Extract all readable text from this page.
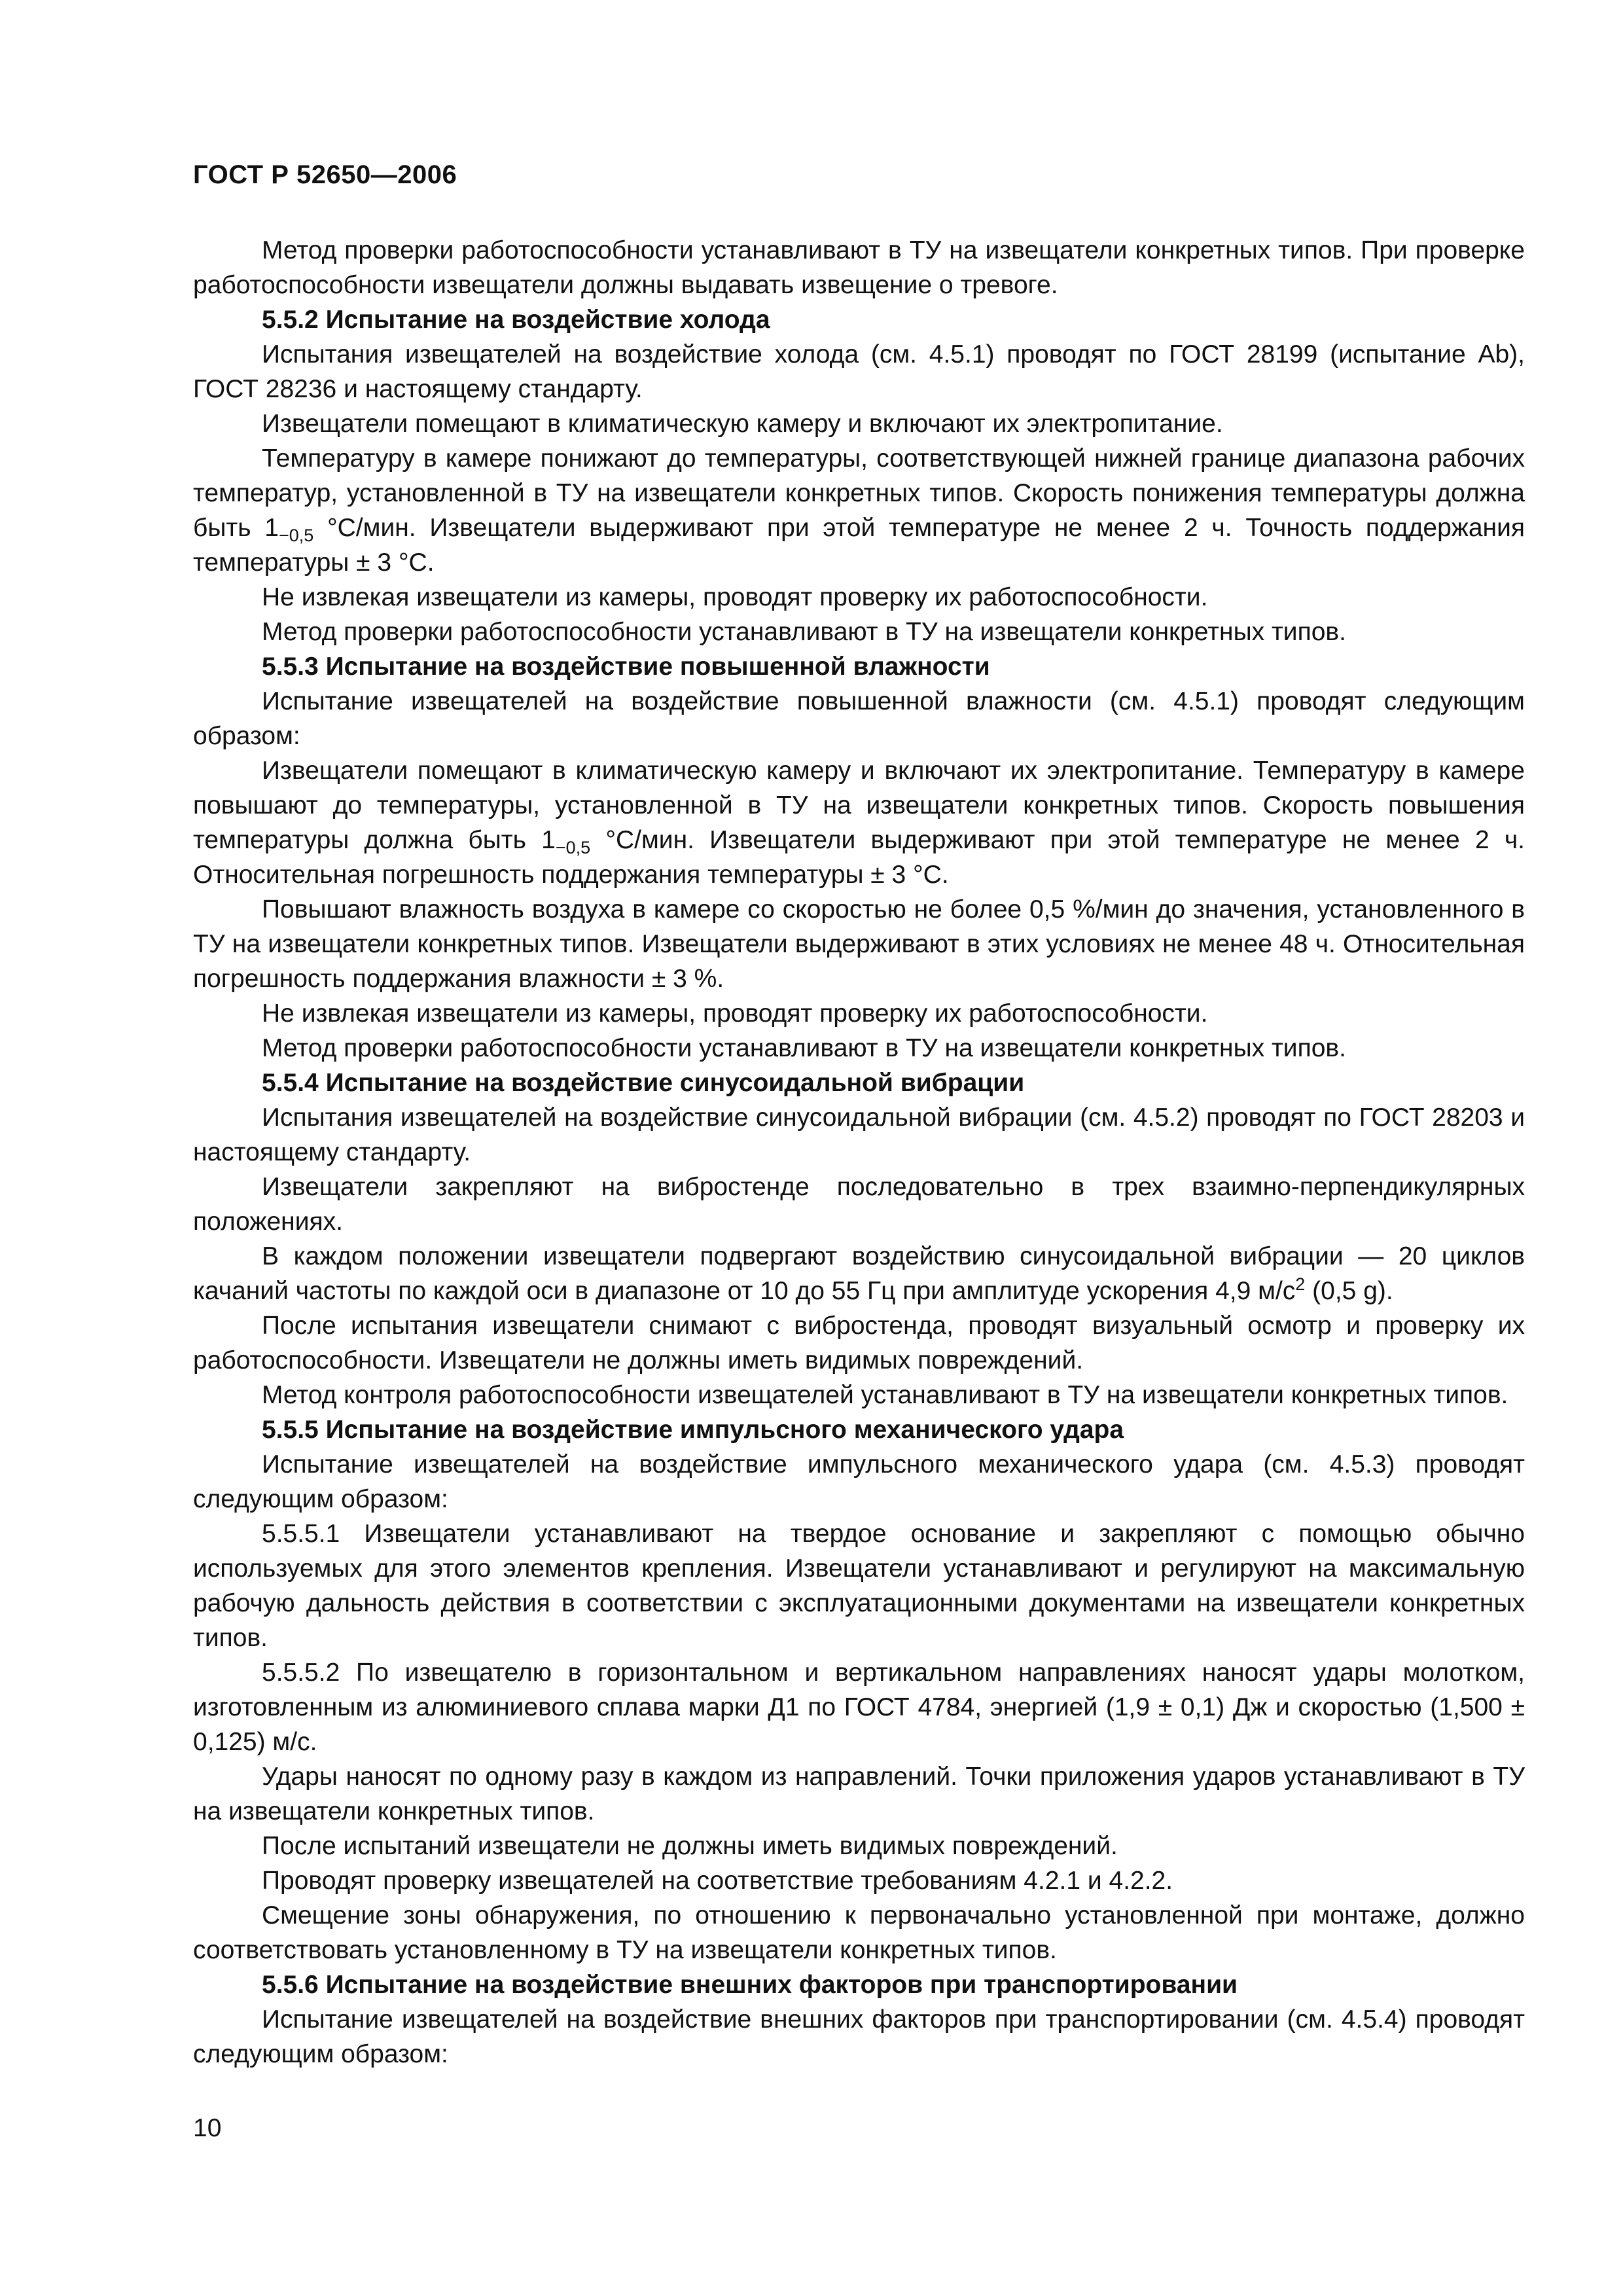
ГОСТ Р 52650—2006

Метод проверки работоспособности устанавливают в ТУ на извещатели конкретных типов. При проверке работоспособности извещатели должны выдавать извещение о тревоге.

5.5.2 Испытание на воздействие холода

Испытания извещателей на воздействие холода (см. 4.5.1) проводят по ГОСТ 28199 (испытание Ab), ГОСТ 28236 и настоящему стандарту.

Извещатели помещают в климатическую камеру и включают их электропитание.

Температуру в камере понижают до температуры, соответствующей нижней границе диапазона рабочих температур, установленной в ТУ на извещатели конкретных типов. Скорость понижения температуры должна быть $1_{-0,5}$ °С/мин. Извещатели выдерживают при этой температуре не менее 2 ч. Точность поддержания температуры ± 3 °С.

Не извлекая извещатели из камеры, проводят проверку их работоспособности.

Метод проверки работоспособности устанавливают в ТУ на извещатели конкретных типов.

5.5.3 Испытание на воздействие повышенной влажности

Испытание извещателей на воздействие повышенной влажности (см. 4.5.1) проводят следующим образом:

Извещатели помещают в климатическую камеру и включают их электропитание. Температуру в камере повышают до температуры, установленной в ТУ на извещатели конкретных типов. Скорость повышения температуры должна быть $1_{-0,5}$ °С/мин. Извещатели выдерживают при этой температуре не менее 2 ч. Относительная погрешность поддержания температуры ± 3 °С.

Повышают влажность воздуха в камере со скоростью не более 0,5 %/мин до значения, установленного в ТУ на извещатели конкретных типов. Извещатели выдерживают в этих условиях не менее 48 ч. Относительная погрешность поддержания влажности ± 3 %.

Не извлекая извещатели из камеры, проводят проверку их работоспособности.

Метод проверки работоспособности устанавливают в ТУ на извещатели конкретных типов.

5.5.4 Испытание на воздействие синусоидальной вибрации

Испытания извещателей на воздействие синусоидальной вибрации (см. 4.5.2) проводят по ГОСТ 28203 и настоящему стандарту.

Извещатели закрепляют на вибростенде последовательно в трех взаимно-перпендикулярных положениях.

В каждом положении извещатели подвергают воздействию синусоидальной вибрации — 20 циклов качаний частоты по каждой оси в диапазоне от 10 до 55 Гц при амплитуде ускорения 4,9 $м/с^2$ (0,5 g).

После испытания извещатели снимают с вибростенда, проводят визуальный осмотр и проверку их работоспособности. Извещатели не должны иметь видимых повреждений.

Метод контроля работоспособности извещателей устанавливают в ТУ на извещатели конкретных типов.

5.5.5 Испытание на воздействие импульсного механического удара

Испытание извещателей на воздействие импульсного механического удара (см. 4.5.3) проводят следующим образом:

5.5.5.1 Извещатели устанавливают на твердое основание и закрепляют с помощью обычно используемых для этого элементов крепления. Извещатели устанавливают и регулируют на максимальную рабочую дальность действия в соответствии с эксплуатационными документами на извещатели конкретных типов.

5.5.5.2 По извещателю в горизонтальном и вертикальном направлениях наносят удары молотком, изготовленным из алюминиевого сплава марки Д1 по ГОСТ 4784, энергией (1,9 ± 0,1) Дж и скоростью (1,500 ± 0,125) м/с.

Удары наносят по одному разу в каждом из направлений. Точки приложения ударов устанавливают в ТУ на извещатели конкретных типов.

После испытаний извещатели не должны иметь видимых повреждений.

Проводят проверку извещателей на соответствие требованиям 4.2.1 и 4.2.2.

Смещение зоны обнаружения, по отношению к первоначально установленной при монтаже, должно соответствовать установленному в ТУ на извещатели конкретных типов.

5.5.6 Испытание на воздействие внешних факторов при транспортировании

Испытание извещателей на воздействие внешних факторов при транспортировании (см. 4.5.4) проводят следующим образом:

10
